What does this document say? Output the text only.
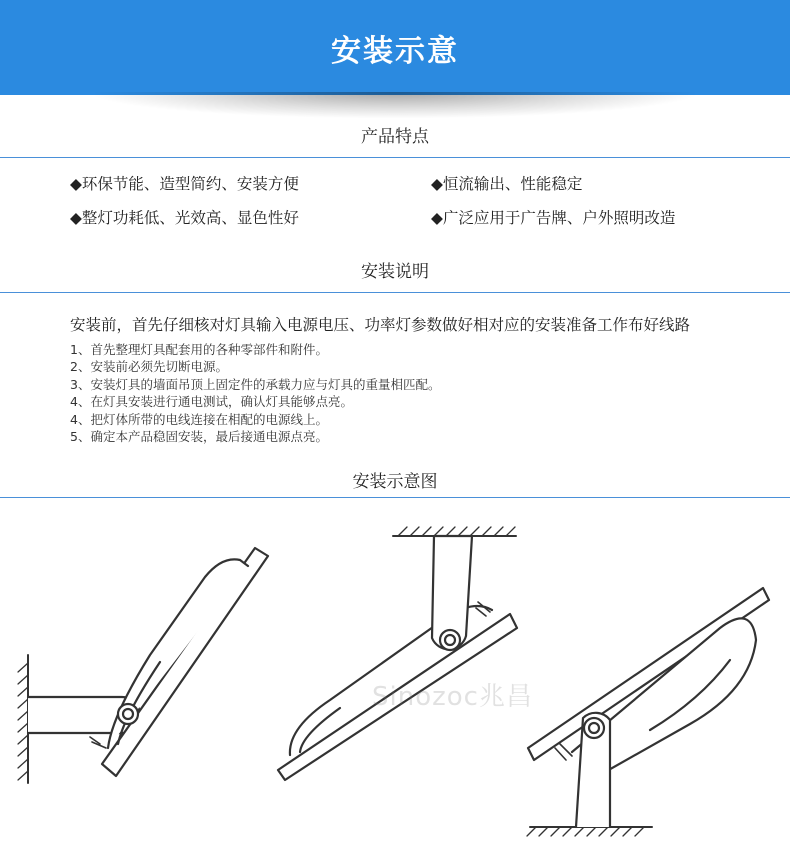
安装示意
产品特点
◆环保节能、造型简约、安装方便	◆恒流输出、性能稳定
◆整灯功耗低、光效高、显色性好	◆广泛应用于广告牌、户外照明改造
安装说明
安装前，首先仔细核对灯具输入电源电压、功率灯参数做好相对应的安装准备工作布好线路
1、首先整理灯具配套用的各种零部件和附件。
2、安装前必须先切断电源。
3、安装灯具的墙面吊顶上固定件的承载力应与灯具的重量相匹配。
4、在灯具安装进行通电测试，确认灯具能够点亮。
4、把灯体所带的电线连接在相配的电源线上。
5、确定本产品稳固安装，最后接通电源点亮。
安装示意图
Sinozoc兆昌
